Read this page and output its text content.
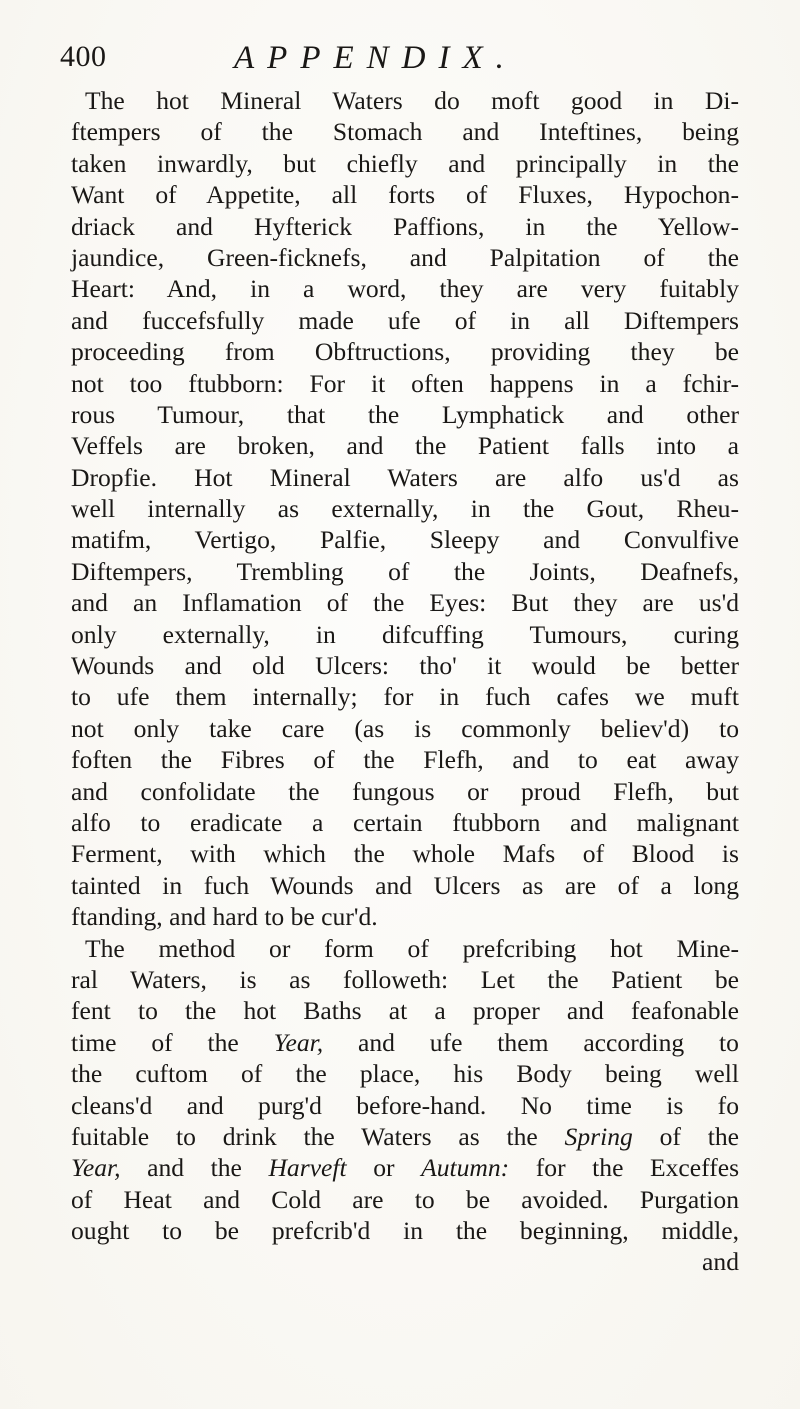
400	APPENDIX.
The hot Mineral Waters do moft good in Di-
ftempers of the Stomach and Inteftines, being
taken inwardly, but chiefly and principally in the
Want of Appetite, all forts of Fluxes, Hypochon-
driack and Hyfterick Paffions, in the Yellow-
jaundice, Green-ficknefs, and Palpitation of the
Heart: And, in a word, they are very fuitably
and fuccefsfully made ufe of in all Diftempers
proceeding from Obftructions, providing they be
not too ftubborn: For it often happens in a fchir-
rous Tumour, that the Lymphatick and other
Veffels are broken, and the Patient falls into a
Dropfie. Hot Mineral Waters are alfo us'd as
well internally as externally, in the Gout, Rheu-
matifm, Vertigo, Palfie, Sleepy and Convulfive
Diftempers, Trembling of the Joints, Deafnefs,
and an Inflamation of the Eyes: But they are us'd
only externally, in difcuffing Tumours, curing
Wounds and old Ulcers: tho' it would be better
to ufe them internally; for in fuch cafes we muft
not only take care (as is commonly believ'd) to
foften the Fibres of the Flefh, and to eat away
and confolidate the fungous or proud Flefh, but
alfo to eradicate a certain ftubborn and malignant
Ferment, with which the whole Mafs of Blood is
tainted in fuch Wounds and Ulcers as are of a long
ftanding, and hard to be cur'd.
The method or form of prefcribing hot Mine-
ral Waters, is as followeth: Let the Patient be
fent to the hot Baths at a proper and feafonable
time of the Year, and ufe them according to
the cuftom of the place, his Body being well
cleans'd and purg'd before-hand. No time is fo
fuitable to drink the Waters as the Spring of the
Year, and the Harveft or Autumn: for the Exceffes
of Heat and Cold are to be avoided. Purgation
ought to be prefcrib'd in the beginning, middle,
and
